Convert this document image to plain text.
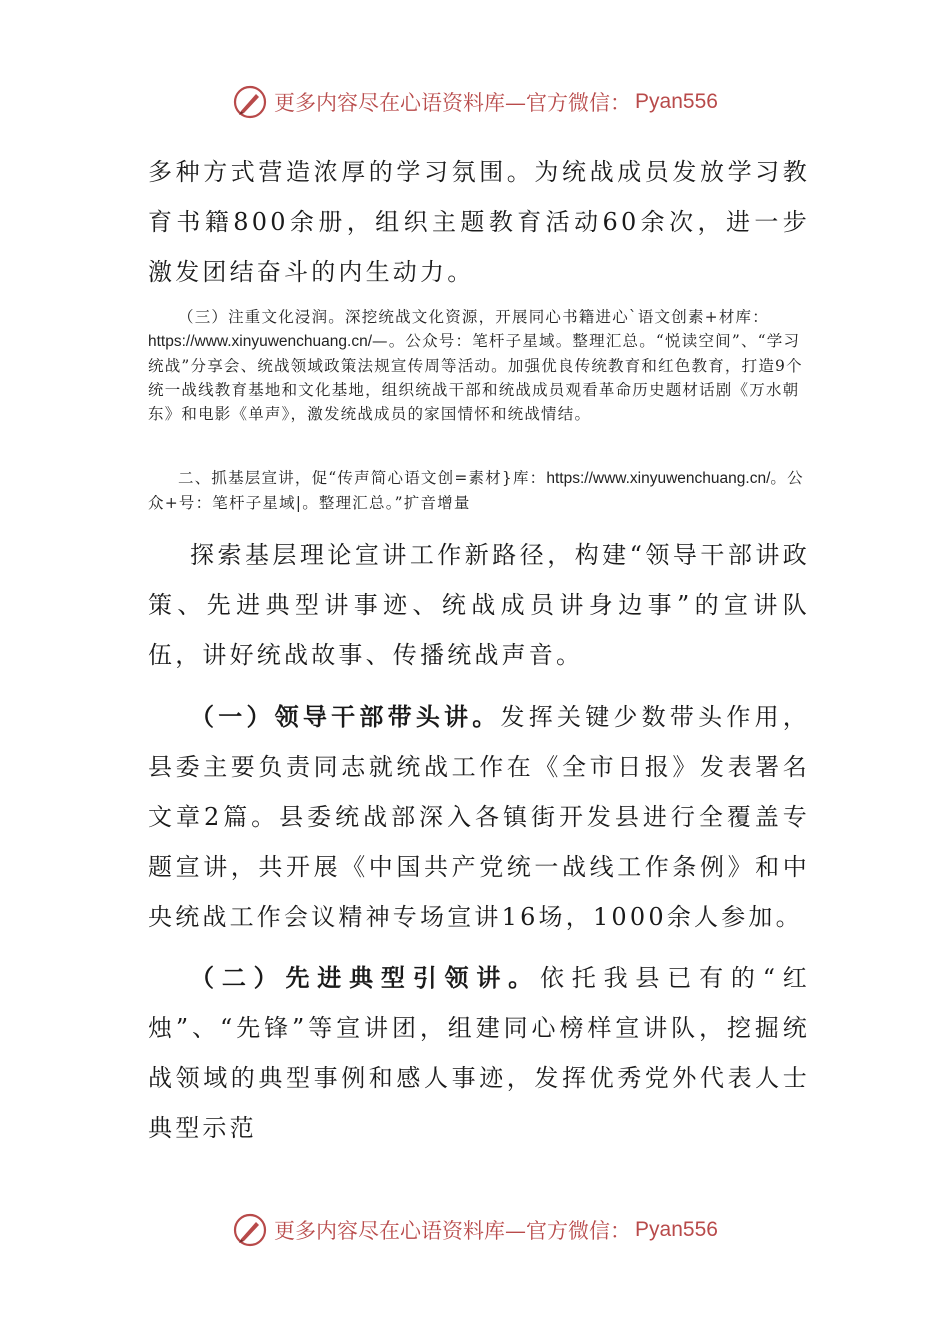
更多内容尽在心语资料库—官方微信： Pyan556

多种方式营造浓厚的学习氛围。为统战成员发放学习教育书籍800余册，组织主题教育活动60余次，进一步激发团结奋斗的内生动力。

（三）注重文化浸润。深挖统战文化资源，开展同心书籍进心`语文创素+材库：https://www.xinyuwenchuang.cn/—。公众号：笔杆子星域。整理汇总。“悦读空间”、“学习统战”分享会、统战领域政策法规宣传周等活动。加强优良传统教育和红色教育，打造9个统一战线教育基地和文化基地，组织统战干部和统战成员观看革命历史题材话剧《万水朝东》和电影《单声》，激发统战成员的家国情怀和统战情结。

二、抓基层宣讲，促“传声简心语文创=素材}库：https://www.xinyuwenchuang.cn/。公众+号：笔杆子星域|。整理汇总。”扩音增量

探索基层理论宣讲工作新路径，构建“领导干部讲政策、先进典型讲事迹、统战成员讲身边事”的宣讲队伍，讲好统战故事、传播统战声音。

（一）领导干部带头讲。发挥关键少数带头作用，县委主要负责同志就统战工作在《全市日报》发表署名文章2篇。县委统战部深入各镇街开发县进行全覆盖专题宣讲，共开展《中国共产党统一战线工作条例》和中央统战工作会议精神专场宣讲16场，1000余人参加。

（二）先进典型引领讲。依托我县已有的“红烛”、“先锋”等宣讲团，组建同心榜样宣讲队，挖掘统战领域的典型事例和感人事迹，发挥优秀党外代表人士典型示范

更多内容尽在心语资料库—官方微信： Pyan556
